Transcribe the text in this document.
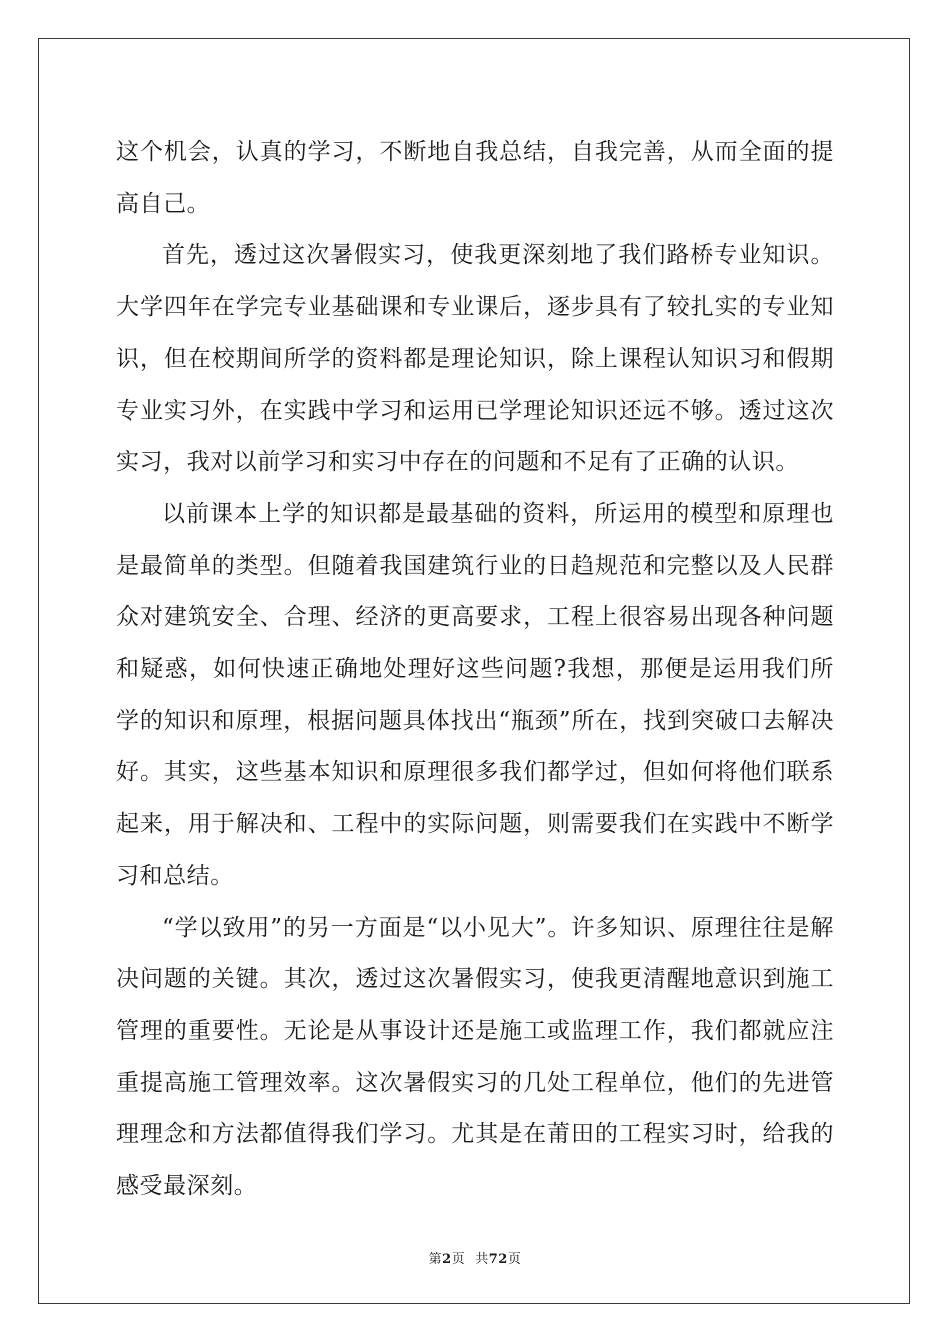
这个机会，认真的学习，不断地自我总结，自我完善，从而全面的提高自己。

首先，透过这次暑假实习，使我更深刻地了我们路桥专业知识。大学四年在学完专业基础课和专业课后，逐步具有了较扎实的专业知识，但在校期间所学的资料都是理论知识，除上课程认知识习和假期专业实习外，在实践中学习和运用已学理论知识还远不够。透过这次实习，我对以前学习和实习中存在的问题和不足有了正确的认识。

以前课本上学的知识都是最基础的资料，所运用的模型和原理也是最简单的类型。但随着我国建筑行业的日趋规范和完整以及人民群众对建筑安全、合理、经济的更高要求，工程上很容易出现各种问题和疑惑，如何快速正确地处理好这些问题?我想，那便是运用我们所学的知识和原理，根据问题具体找出“瓶颈”所在，找到突破口去解决好。其实，这些基本知识和原理很多我们都学过，但如何将他们联系起来，用于解决和、工程中的实际问题，则需要我们在实践中不断学习和总结。

“学以致用”的另一方面是“以小见大”。许多知识、原理往往是解决问题的关键。其次，透过这次暑假实习，使我更清醒地意识到施工管理的重要性。无论是从事设计还是施工或监理工作，我们都就应注重提高施工管理效率。这次暑假实习的几处工程单位，他们的先进管理理念和方法都值得我们学习。尤其是在莆田的工程实习时，给我的感受最深刻。

第2页 共72页
